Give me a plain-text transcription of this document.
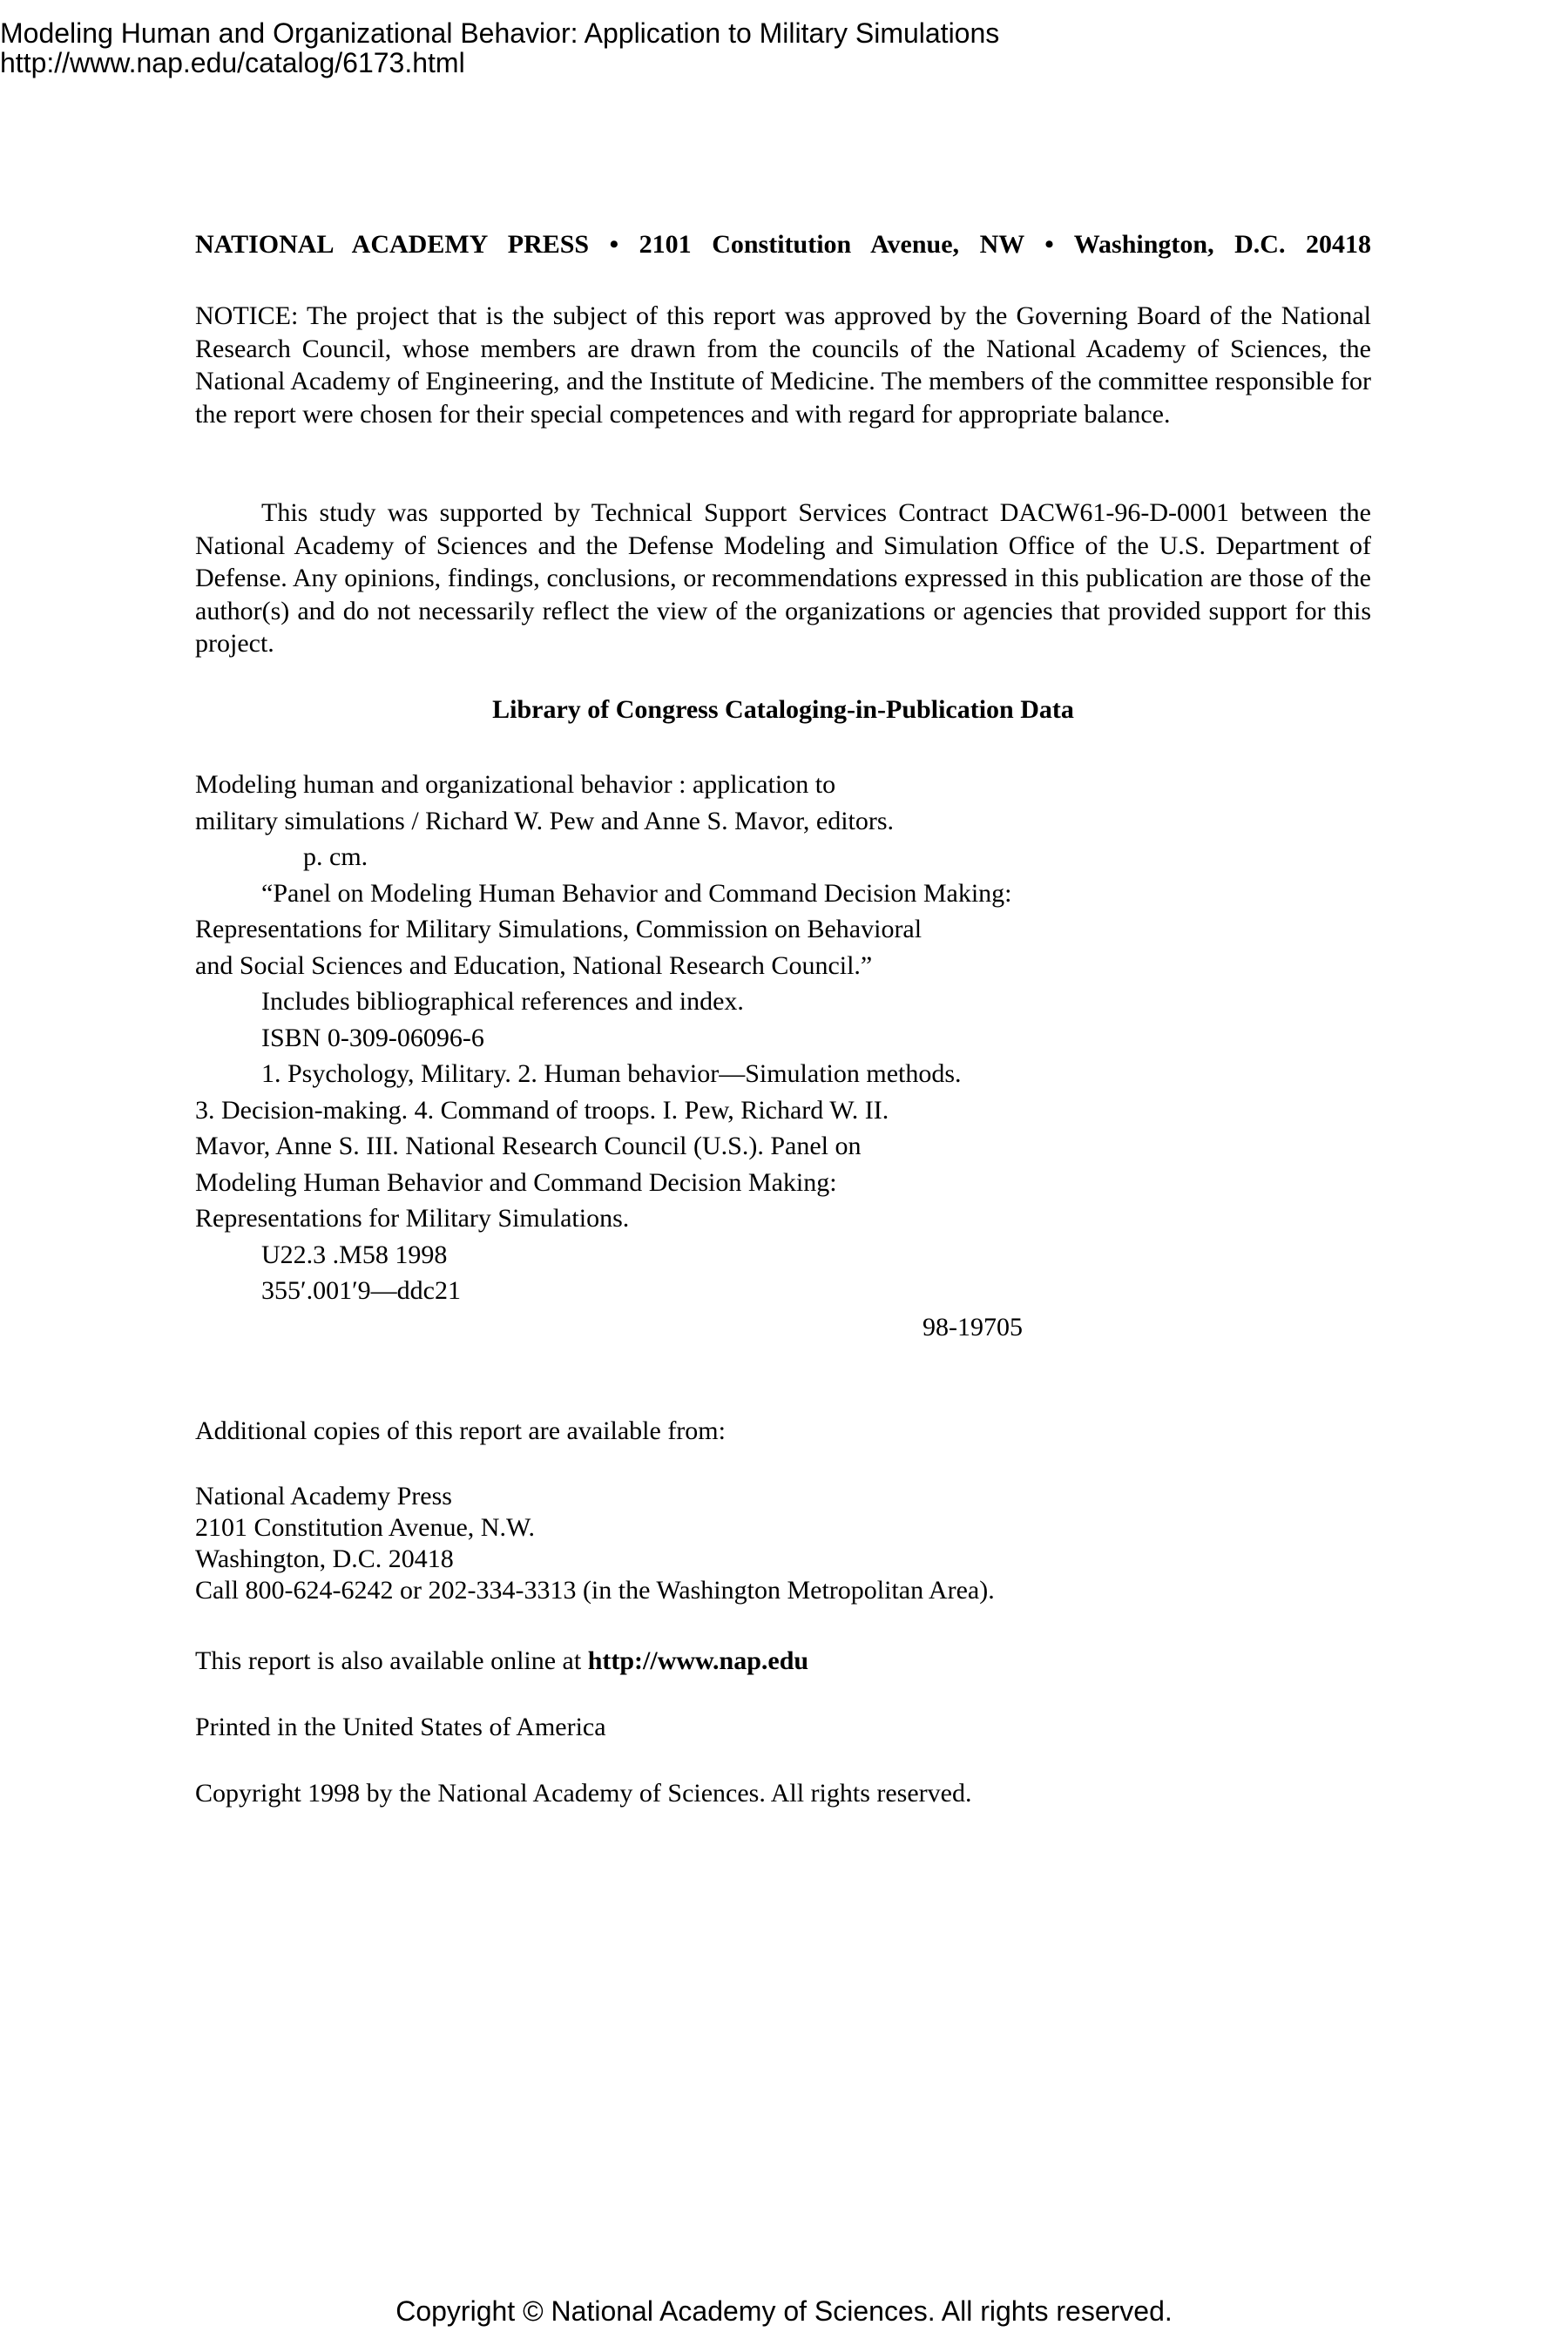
Modeling Human and Organizational Behavior: Application to Military Simulations
http://www.nap.edu/catalog/6173.html
NATIONAL ACADEMY PRESS • 2101 Constitution Avenue, NW • Washington, D.C. 20418

NOTICE: The project that is the subject of this report was approved by the Governing Board of the National Research Council, whose members are drawn from the councils of the National Academy of Sciences, the National Academy of Engineering, and the Institute of Medicine. The members of the committee responsible for the report were chosen for their special competences and with regard for appropriate balance.

This study was supported by Technical Support Services Contract DACW61-96-D-0001 between the National Academy of Sciences and the Defense Modeling and Simulation Office of the U.S. Department of Defense. Any opinions, findings, conclusions, or recommendations expressed in this publication are those of the author(s) and do not necessarily reflect the view of the organizations or agencies that provided support for this project.

Library of Congress Cataloging-in-Publication Data
Modeling human and organizational behavior : application to
military simulations / Richard W. Pew and Anne S. Mavor, editors.
p. cm.
“Panel on Modeling Human Behavior and Command Decision Making:
Representations for Military Simulations, Commission on Behavioral
and Social Sciences and Education, National Research Council.”
Includes bibliographical references and index.
ISBN 0-309-06096-6
1. Psychology, Military. 2. Human behavior—Simulation methods.
3. Decision-making. 4. Command of troops. I. Pew, Richard W. II.
Mavor, Anne S. III. National Research Council (U.S.). Panel on
Modeling Human Behavior and Command Decision Making:
Representations for Military Simulations.
U22.3 .M58 1998
355′.001′9—ddc21
98-19705
Additional copies of this report are available from:
National Academy Press
2101 Constitution Avenue, N.W.
Washington, D.C. 20418
Call 800-624-6242 or 202-334-3313 (in the Washington Metropolitan Area).
This report is also available online at http://www.nap.edu
Printed in the United States of America
Copyright 1998 by the National Academy of Sciences. All rights reserved.
Copyright © National Academy of Sciences. All rights reserved.
